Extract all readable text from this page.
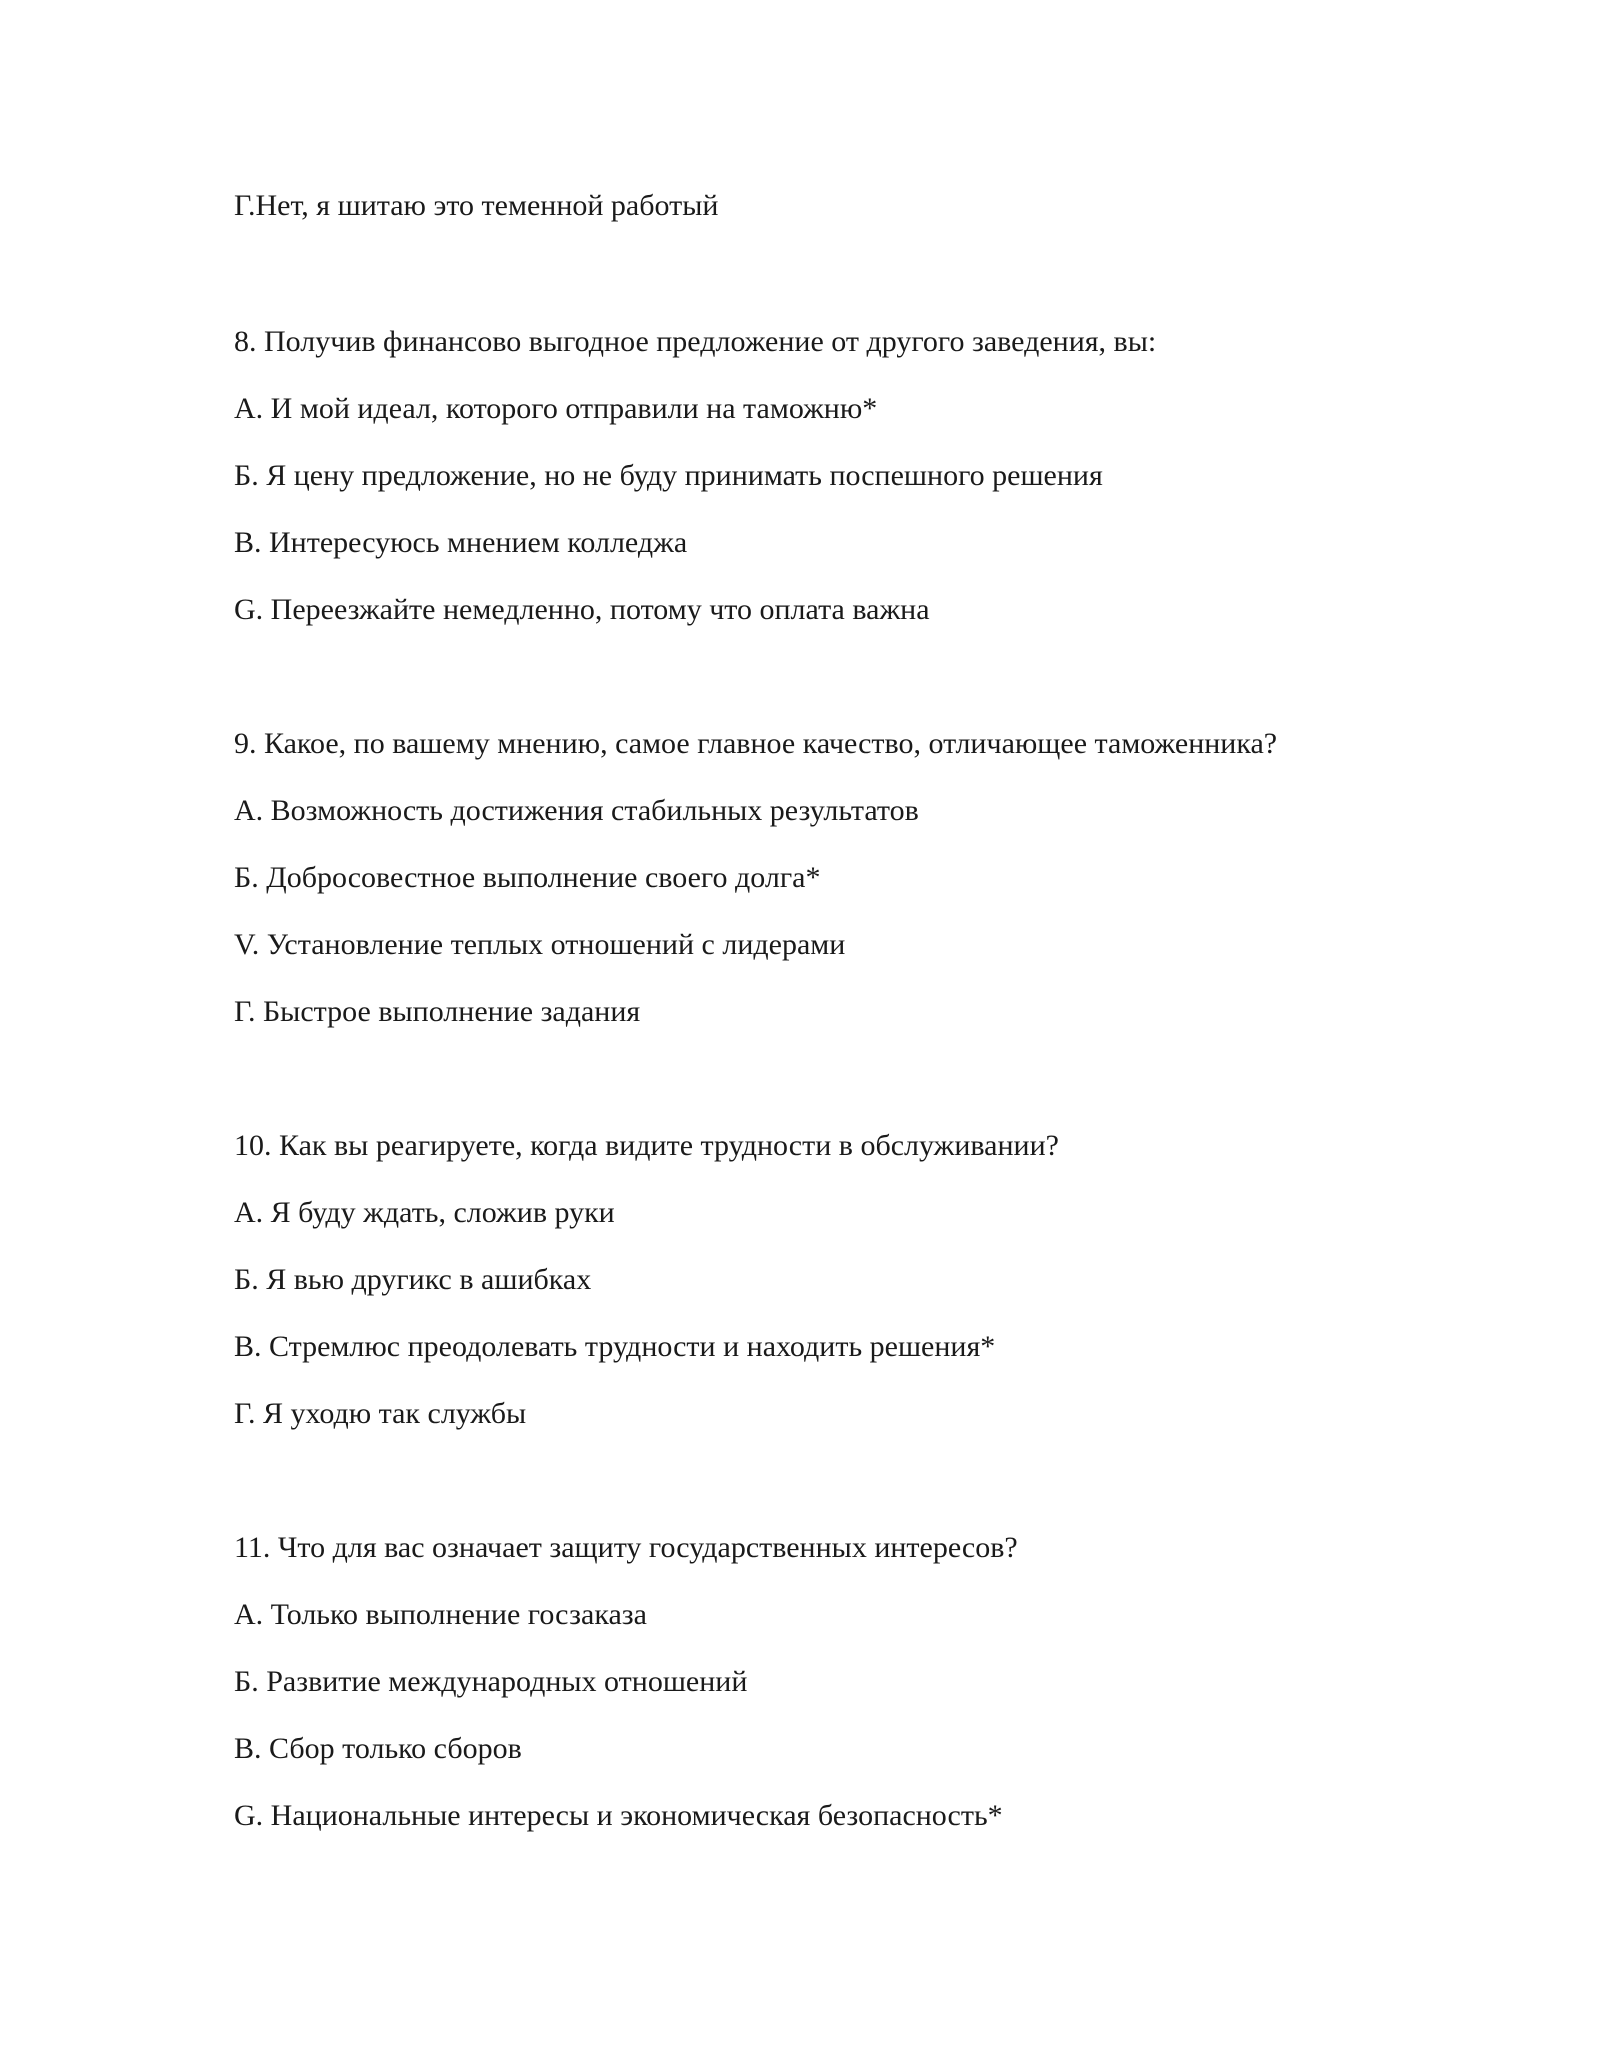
Г.Нет, я шитаю это теменной работый
8. Получив финансово выгодное предложение от другого заведения, вы:
А. И мой идеал, которого отправили на таможню*
Б. Я цену предложение, но не буду принимать поспешного решения
В. Интересуюсь мнением колледжа
G. Переезжайте немедленно, потому что оплата важна
9. Какое, по вашему мнению, самое главное качество, отличающее таможенника?
А. Возможность достижения стабильных результатов
Б. Добросовестное выполнение своего долга*
V. Установление теплых отношений с лидерами
Г. Быстрое выполнение задания
10. Как вы реагируете, когда видите трудности в обслуживании?
А. Я буду ждать, сложив руки
Б. Я вью другикс в ашибках
В. Стремлюс преодолевать трудности и находить решения*
Г. Я уходю так службы
11. Что для вас означает защиту государственных интересов?
А. Только выполнение госзаказа
Б. Развитие международных отношений
В. Сбор только сборов
G. Национальные интересы и экономическая безопасность*
